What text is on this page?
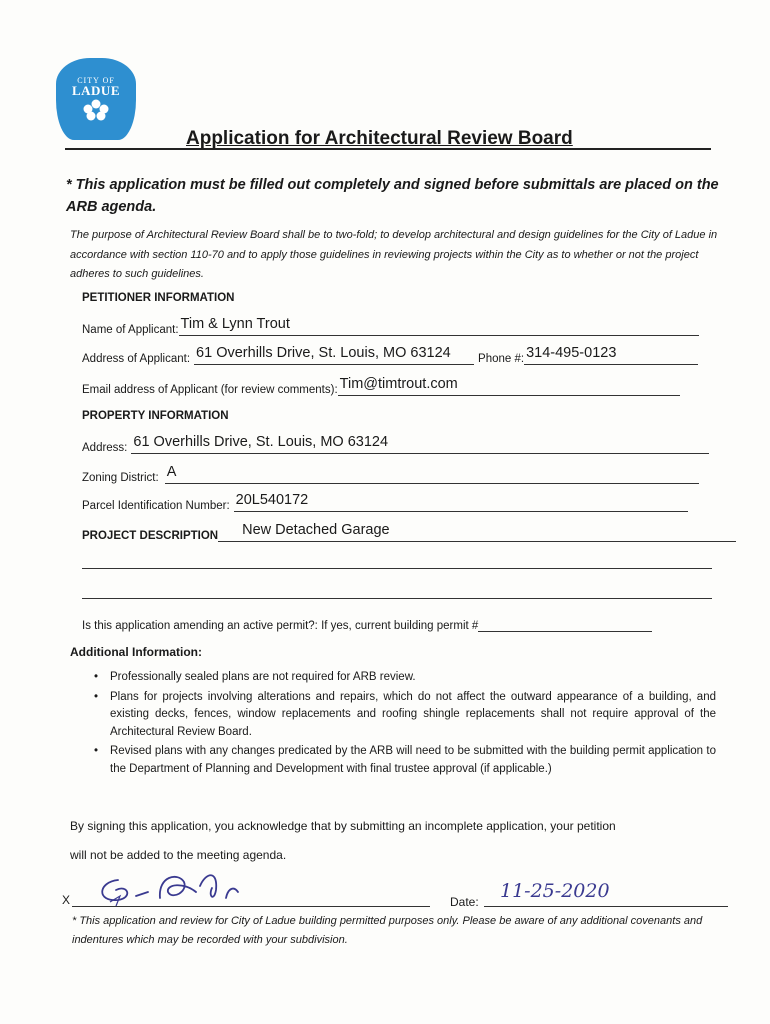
CITY OF
LADUE
Application for Architectural Review Board
* This application must be filled out completely and signed before submittals are placed on the ARB agenda.
The purpose of Architectural Review Board shall be to two-fold; to develop architectural and design guidelines for the City of Ladue in accordance with section 110-70 and to apply those guidelines in reviewing projects within the City as to whether or not the project adheres to such guidelines.
PETITIONER INFORMATION
Name of Applicant: Tim & Lynn Trout
Address of Applicant: 61 Overhills Drive, St. Louis, MO 63124	Phone #: 314-495-0123
Email address of Applicant (for review comments): Tim@timtrout.com
PROPERTY INFORMATION
Address: 61 Overhills Drive, St. Louis, MO 63124
Zoning District: A
Parcel Identification Number: 20L540172
PROJECT DESCRIPTION	New Detached Garage
Is this application amending an active permit?: If yes, current building permit #
Additional Information:
• Professionally sealed plans are not required for ARB review.
• Plans for projects involving alterations and repairs, which do not affect the outward appearance of a building, and existing decks, fences, window replacements and roofing shingle replacements shall not require approval of the Architectural Review Board.
• Revised plans with any changes predicated by the ARB will need to be submitted with the building permit application to the Department of Planning and Development with final trustee approval (if applicable.)
By signing this application, you acknowledge that by submitting an incomplete application, your petition
will not be added to the meeting agenda.
X	Date:	11-25-2020
* This application and review for City of Ladue building permitted purposes only. Please be aware of any additional covenants and indentures which may be recorded with your subdivision.
